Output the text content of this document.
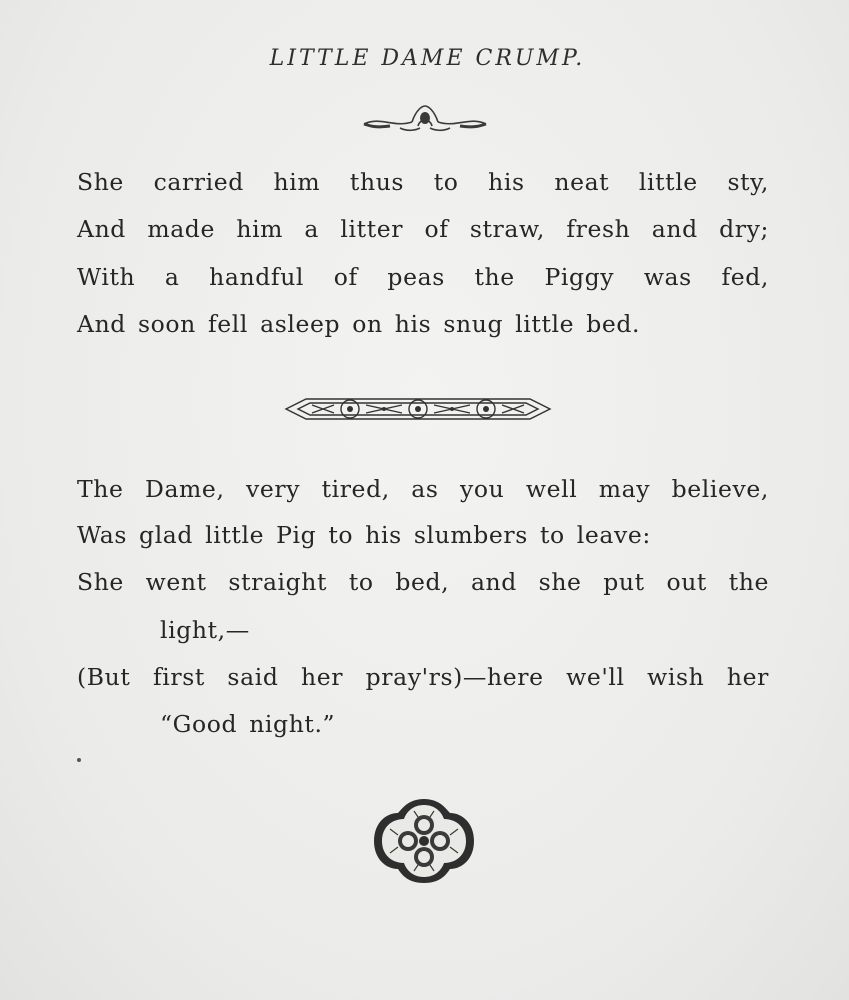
LITTLE DAME CRUMP.
She carried him thus to his neat little sty,
And made him a litter of straw, fresh and dry;
With a handful of peas the Piggy was fed,
And soon fell asleep on his snug little bed.
The Dame, very tired, as you well may believe,
Was glad little Pig to his slumbers to leave:
She went straight to bed, and she put out the
light,—
(But first said her pray'rs)—here we'll wish her
“Good night.”
